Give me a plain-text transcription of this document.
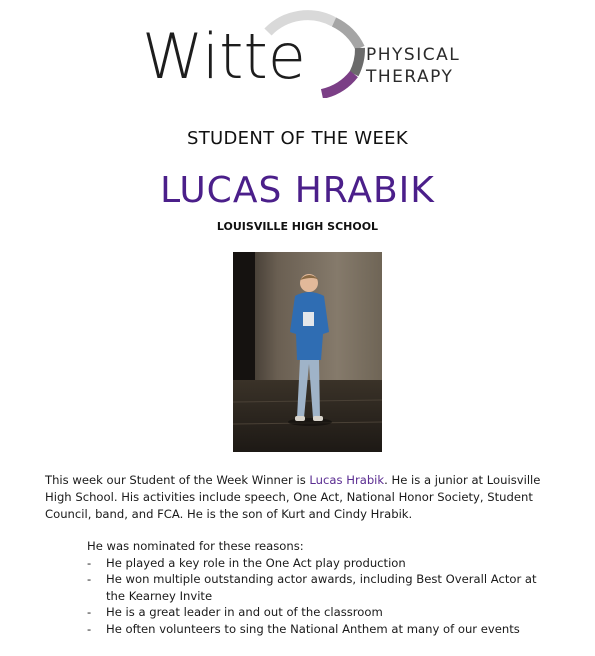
Witte	PHYSICAL
THERAPY
STUDENT OF THE WEEK
LUCAS HRABIK
LOUISVILLE HIGH SCHOOL
This week our Student of the Week Winner is Lucas Hrabik. He is a junior at Louisville High School. His activities include speech, One Act, National Honor Society, Student Council, band, and FCA. He is the son of Kurt and Cindy Hrabik.
He was nominated for these reasons:
- He played a key role in the One Act play production
- He won multiple outstanding actor awards, including Best Overall Actor at the Kearney Invite
- He is a great leader in and out of the classroom
- He often volunteers to sing the National Anthem at many of our events
